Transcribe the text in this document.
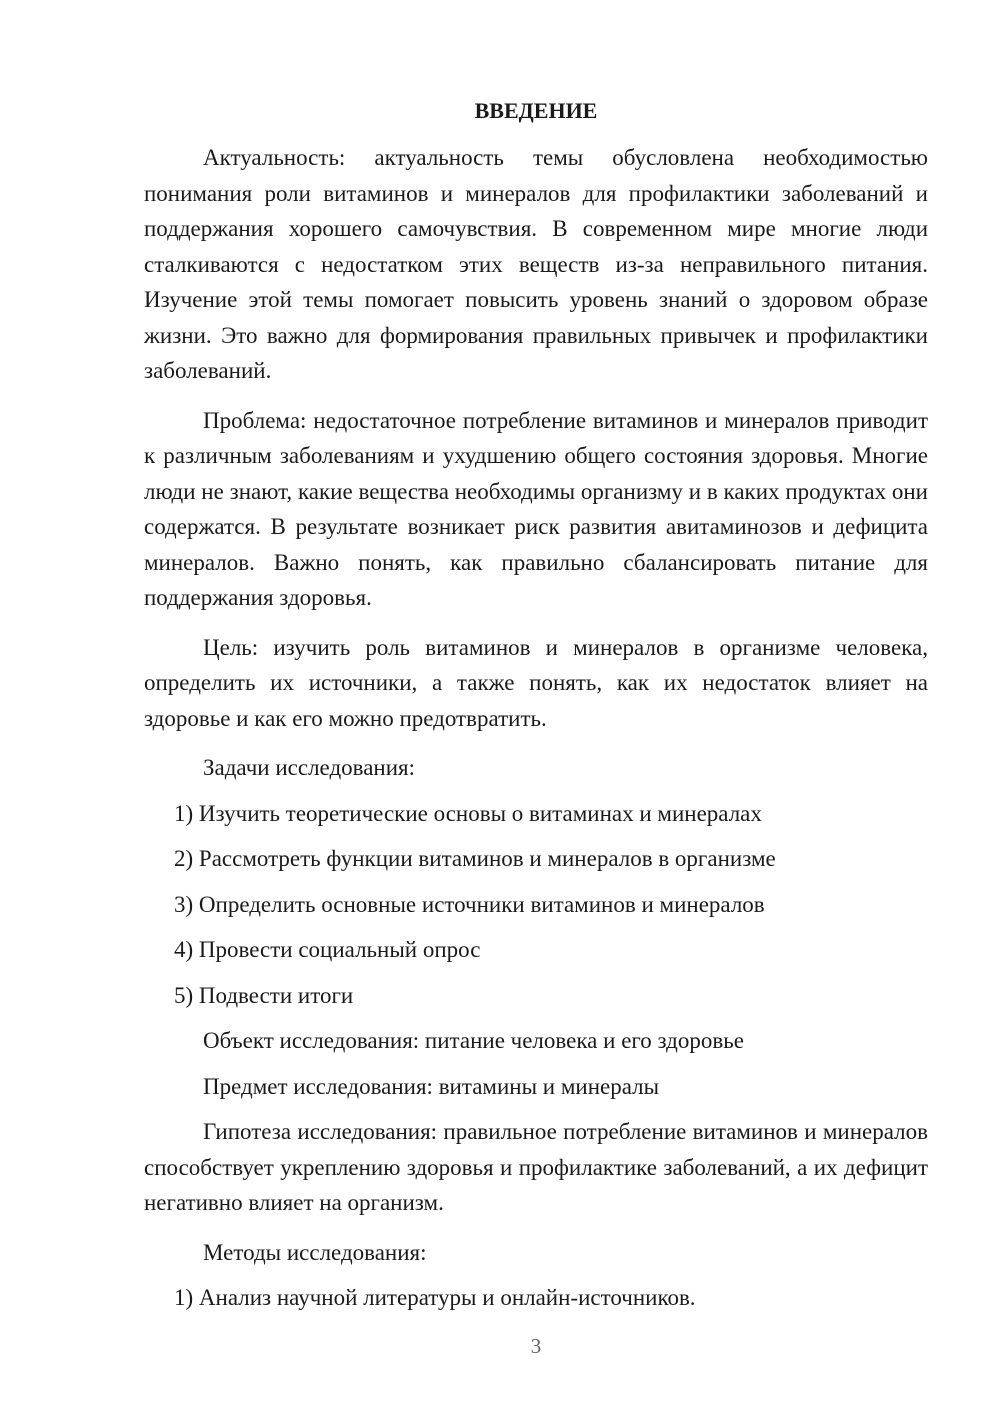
ВВЕДЕНИЕ

Актуальность: актуальность темы обусловлена необходимостью понимания роли витаминов и минералов для профилактики заболеваний и поддержания хорошего самочувствия. В современном мире многие люди сталкиваются с недостатком этих веществ из-за неправильного питания. Изучение этой темы помогает повысить уровень знаний о здоровом образе жизни. Это важно для формирования правильных привычек и профилактики заболеваний.

Проблема: недостаточное потребление витаминов и минералов приводит к различным заболеваниям и ухудшению общего состояния здоровья. Многие люди не знают, какие вещества необходимы организму и в каких продуктах они содержатся. В результате возникает риск развития авитаминозов и дефицита минералов. Важно понять, как правильно сбалансировать питание для поддержания здоровья.

Цель: изучить роль витаминов и минералов в организме человека, определить их источники, а также понять, как их недостаток влияет на здоровье и как его можно предотвратить.

Задачи исследования:
1) Изучить теоретические основы о витаминах и минералах
2) Рассмотреть функции витаминов и минералов в организме
3) Определить основные источники витаминов и минералов
4) Провести социальный опрос
5) Подвести итоги
Объект исследования: питание человека и его здоровье
Предмет исследования: витамины и минералы

Гипотеза исследования: правильное потребление витаминов и минералов способствует укреплению здоровья и профилактике заболеваний, а их дефицит негативно влияет на организм.

Методы исследования:
1) Анализ научной литературы и онлайн-источников.
3
